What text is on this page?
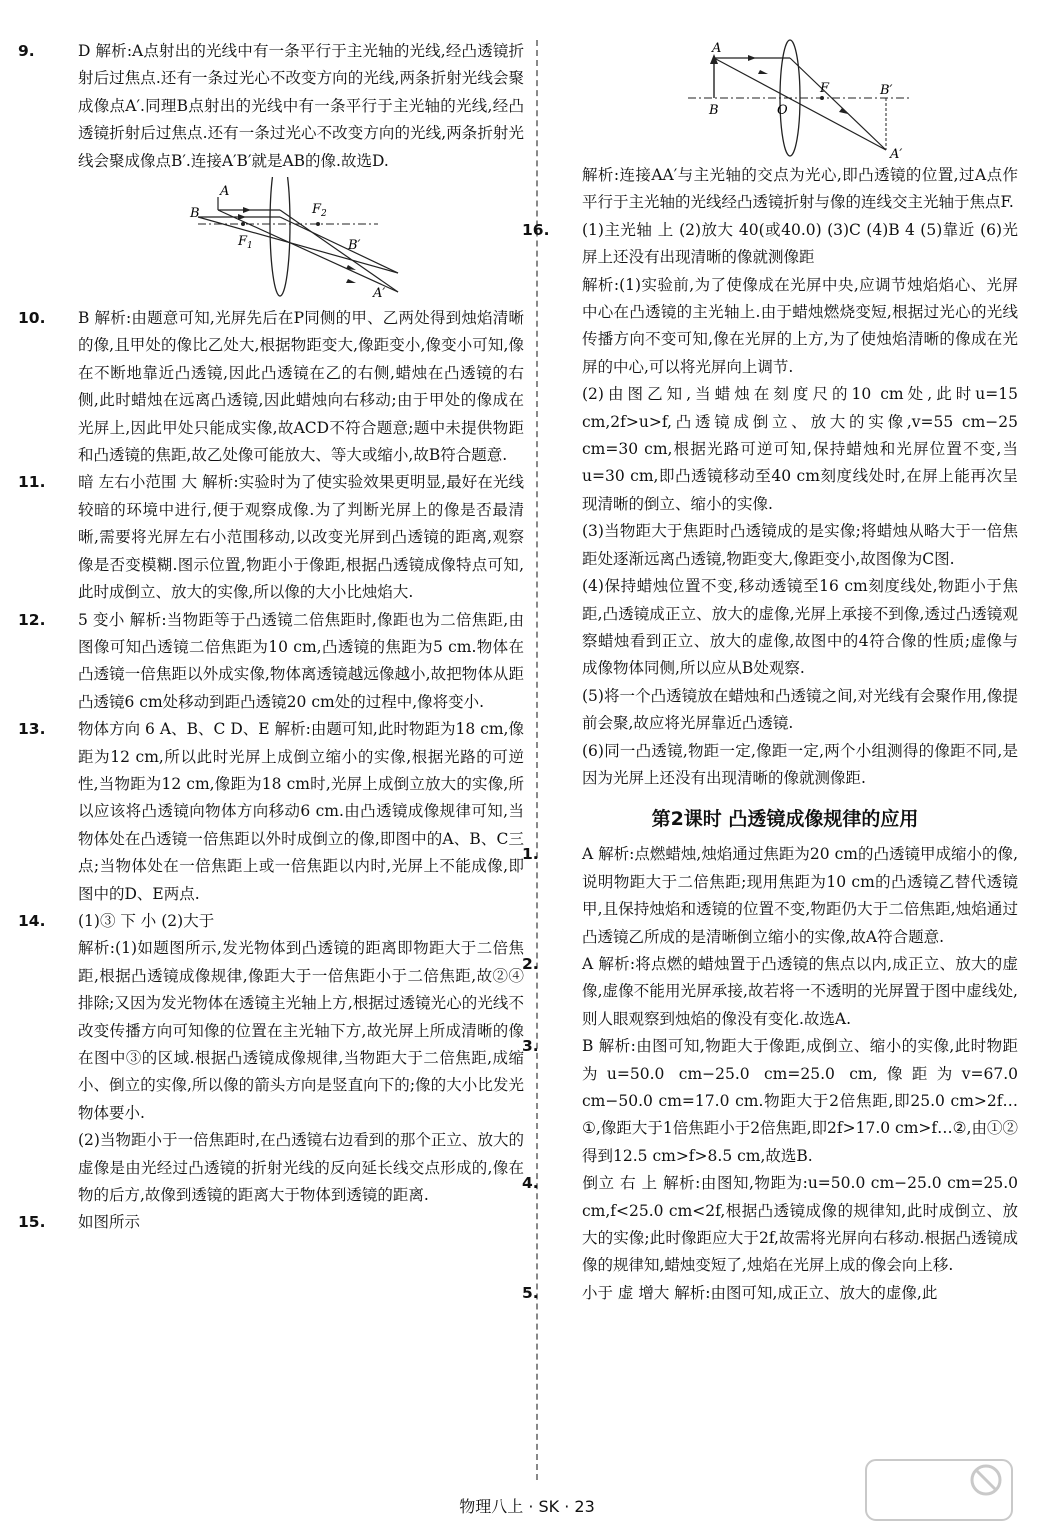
9.	D 解析:A点射出的光线中有一条平行于主光轴的光线,经凸透镜折射后过焦点.还有一条过光心不改变方向的光线,两条折射光线会聚成像点A′.同理B点射出的光线中有一条平行于主光轴的光线,经凸透镜折射后过焦点.还有一条过光心不改变方向的光线,两条折射光线会聚成像点B′.连接A′B′就是AB的像.故选D.

A
B
$F_1$
$F_2$
B′
A′

10. B 解析:由题意可知,光屏先后在P同侧的甲、乙两处得到烛焰清晰的像,且甲处的像比乙处大,根据物距变大,像距变小,像变小可知,像在不断地靠近凸透镜,因此凸透镜在乙的右侧,蜡烛在凸透镜的右侧,此时蜡烛在远离凸透镜,因此蜡烛向右移动;由于甲处的像成在光屏上,因此甲处只能成实像,故ACD不符合题意;题中未提供物距和凸透镜的焦距,故乙处像可能放大、等大或缩小,故B符合题意.

11. 暗 左右小范围 大 解析:实验时为了使实验效果更明显,最好在光线较暗的环境中进行,便于观察成像.为了判断光屏上的像是否最清晰,需要将光屏左右小范围移动,以改变光屏到凸透镜的距离,观察像是否变模糊.图示位置,物距小于像距,根据凸透镜成像特点可知,此时成倒立、放大的实像,所以像的大小比烛焰大.

12. 5 变小 解析:当物距等于凸透镜二倍焦距时,像距也为二倍焦距,由图像可知凸透镜二倍焦距为10 cm,凸透镜的焦距为5 cm.物体在凸透镜一倍焦距以外成实像,物体离透镜越远像越小,故把物体从距凸透镜6 cm处移动到距凸透镜20 cm处的过程中,像将变小.

13. 物体方向 6 A、B、C D、E 解析:由题可知,此时物距为18 cm,像距为12 cm,所以此时光屏上成倒立缩小的实像,根据光路的可逆性,当物距为12 cm,像距为18 cm时,光屏上成倒立放大的实像,所以应该将凸透镜向物体方向移动6 cm.由凸透镜成像规律可知,当物体处在凸透镜一倍焦距以外时成倒立的像,即图中的A、B、C三点;当物体处在一倍焦距上或一倍焦距以内时,光屏上不能成像,即图中的D、E两点.

14. (1)③ 下 小 (2)大于

解析:(1)如题图所示,发光物体到凸透镜的距离即物距大于二倍焦距,根据凸透镜成像规律,像距大于一倍焦距小于二倍焦距,故②④排除;又因为发光物体在透镜主光轴上方,根据过透镜光心的光线不改变传播方向可知像的位置在主光轴下方,故光屏上所成清晰的像在图中③的区域.根据凸透镜成像规律,当物距大于二倍焦距,成缩小、倒立的实像,所以像的箭头方向是竖直向下的;像的大小比发光物体要小.

(2)当物距小于一倍焦距时,在凸透镜右边看到的那个正立、放大的虚像是由光经过凸透镜的折射光线的反向延长线交点形成的,像在物的后方,故像到透镜的距离大于物体到透镜的距离.

15. 如图所示

A
B	O
F	B′
A′

解析:连接AA′与主光轴的交点为光心,即凸透镜的位置,过A点作平行于主光轴的光线经凸透镜折射与像的连线交主光轴于焦点F.

16. (1)主光轴 上 (2)放大 40(或40.0) (3)C (4)B 4 (5)靠近 (6)光屏上还没有出现清晰的像就测像距

解析:(1)实验前,为了使像成在光屏中央,应调节烛焰焰心、光屏中心在凸透镜的主光轴上.由于蜡烛燃烧变短,根据过光心的光线传播方向不变可知,像在光屏的上方,为了使烛焰清晰的像成在光屏的中心,可以将光屏向上调节.

(2)由图乙知,当蜡烛在刻度尺的10 cm处,此时u=15 cm,2f>u>f,凸透镜成倒立、放大的实像,v=55 cm−25 cm=30 cm,根据光路可逆可知,保持蜡烛和光屏位置不变,当u=30 cm,即凸透镜移动至40 cm刻度线处时,在屏上能再次呈现清晰的倒立、缩小的实像.

(3)当物距大于焦距时凸透镜成的是实像;将蜡烛从略大于一倍焦距处逐渐远离凸透镜,物距变大,像距变小,故图像为C图.

(4)保持蜡烛位置不变,移动透镜至16 cm刻度线处,物距小于焦距,凸透镜成正立、放大的虚像,光屏上承接不到像,透过凸透镜观察蜡烛看到正立、放大的虚像,故图中的4符合像的性质;虚像与成像物体同侧,所以应从B处观察.

(5)将一个凸透镜放在蜡烛和凸透镜之间,对光线有会聚作用,像提前会聚,故应将光屏靠近凸透镜.

(6)同一凸透镜,物距一定,像距一定,两个小组测得的像距不同,是因为光屏上还没有出现清晰的像就测像距.

第2课时 凸透镜成像规律的应用

1.	A 解析:点燃蜡烛,烛焰通过焦距为20 cm的凸透镜甲成缩小的像,说明物距大于二倍焦距;现用焦距为10 cm的凸透镜乙替代透镜甲,且保持烛焰和透镜的位置不变,物距仍大于二倍焦距,烛焰通过凸透镜乙所成的是清晰倒立缩小的实像,故A符合题意.

2.	A 解析:将点燃的蜡烛置于凸透镜的焦点以内,成正立、放大的虚像,虚像不能用光屏承接,故若将一不透明的光屏置于图中虚线处,则人眼观察到烛焰的像没有变化.故选A.

3.	B 解析:由图可知,物距大于像距,成倒立、缩小的实像,此时物距为u=50.0 cm−25.0 cm=25.0 cm,像距为v=67.0 cm−50.0 cm=17.0 cm.物距大于2倍焦距,即25.0 cm>2f…①,像距大于1倍焦距小于2倍焦距,即2f>17.0 cm>f…②,由①②得到12.5 cm>f>8.5 cm,故选B.

4.	倒立 右 上 解析:由图知,物距为:u=50.0 cm−25.0 cm=25.0 cm,f<25.0 cm<2f,根据凸透镜成像的规律知,此时成倒立、放大的实像;此时像距应大于2f,故需将光屏向右移动.根据凸透镜成像的规律知,蜡烛变短了,烛焰在光屏上成的像会向上移.

5.	小于 虚 增大 解析:由图可知,成正立、放大的虚像,此

物理八上 · SK · 23
